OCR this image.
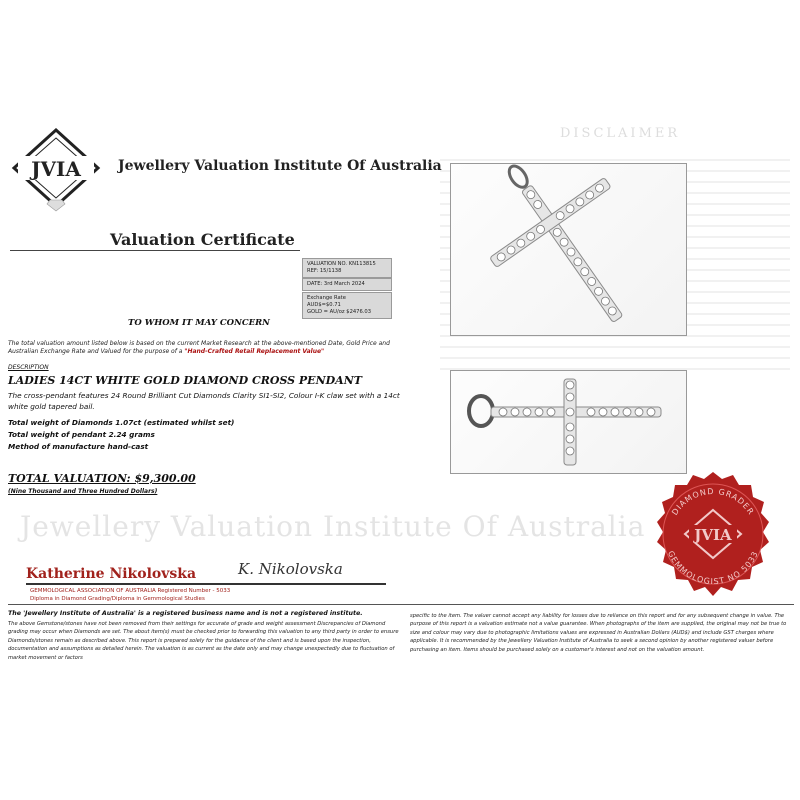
DISCLAIMER
Jewellery Valuation Institute Of Australia
JVIA	Jewellery Valuation Institute Of Australia
Valuation Certificate
VALUATION NO. KN113815
REF: 15/1138
DATE: 3rd March 2024
Exchange Rate
AUD$=$0.71
GOLD = AU/oz $2476.03
TO WHOM IT MAY CONCERN
The total valuation amount listed below is based on the current Market Research at the above-mentioned Date, Gold Price and Australian Exchange Rate and Valued for the purpose of a "Hand-Crafted Retail Replacement Value"
DESCRIPTION
LADIES 14CT WHITE GOLD DIAMOND CROSS PENDANT
The cross-pendant features 24 Round Brilliant Cut Diamonds Clarity SI1-SI2, Colour I-K claw set with a 14ct white gold tapered bail.
Total weight of Diamonds 1.07ct (estimated whilst set)
Total weight of pendant 2.24 grams
Method of manufacture hand-cast
TOTAL VALUATION: $9,300.00
(Nine Thousand and Three Hundred Dollars)
Katherine Nikolovska	K. Nikolovska
GEMMOLOGICAL ASSOCIATION OF AUSTRALIA Registered Number - 5033
Diploma in Diamond Grading/Diploma in Gemmological Studies
DIAMOND GRADER
GEMMOLOGIST NO 5033
JVIA
The 'Jewellery Institute of Australia' is a registered business name and is not a registered institute.
The above Gemstone/stones have not been removed from their settings for accurate of grade and weight assessment Discrepancies of Diamond grading may occur when Diamonds are set. The about item(s) must be checked prior to forwarding this valuation to any third party in order to ensure Diamonds/stones remain as described above. This report is prepared solely for the guidance of the client and is based upon the inspection, documentation and assumptions as detailed herein. The valuation is as current as the date only and may change unexpectedly due to fluctuation of market movement or factors
specific to the item. The valuer cannot accept any liability for losses due to reliance on this report and for any subsequent change in value. The purpose of this report is a valuation estimate not a value guarantee. When photographs of the item are supplied, the original may not be true to size and colour may vary due to photographic limitations values are expressed in Australian Dollars (AUD$) and include GST charges where applicable. It is recommended by the Jewellery Valuation Institute of Australia to seek a second opinion by another registered valuer before purchasing an item. Items should be purchased solely on a customer's interest and not on the valuation amount.
